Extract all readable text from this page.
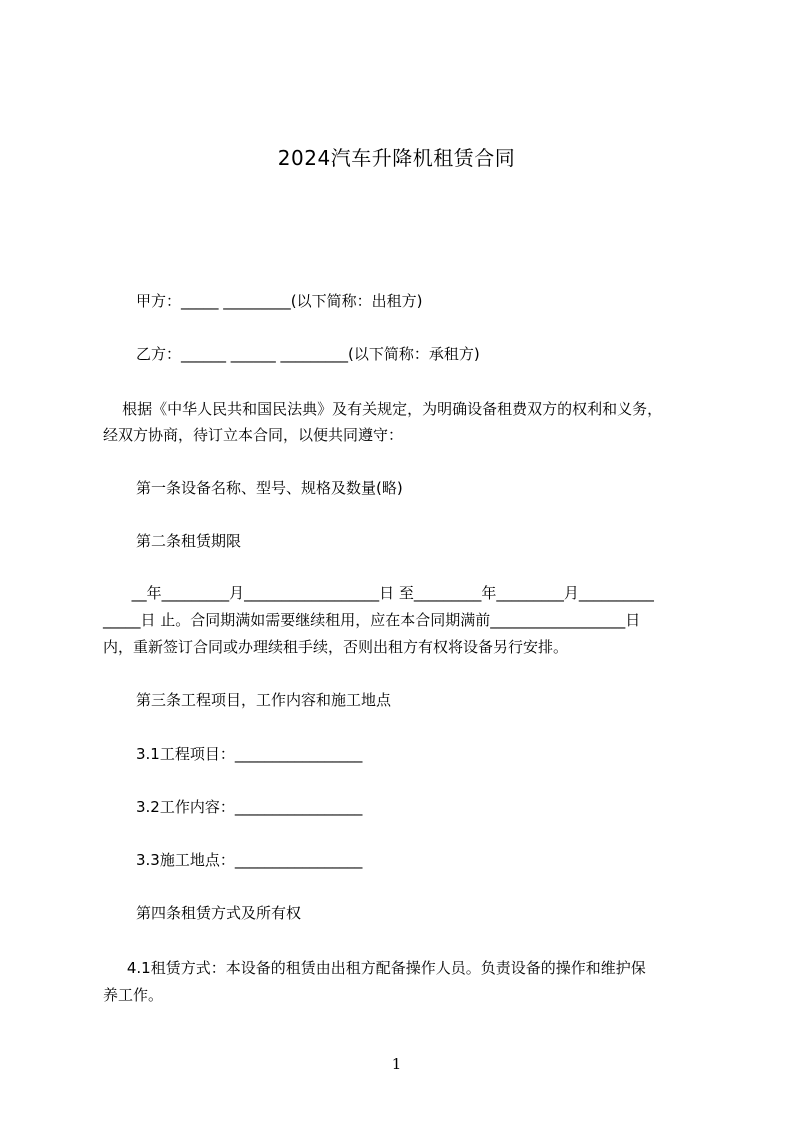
2024汽车升降机租赁合同
甲方：_____ _________(以下简称：出租方)
乙方：______ ______ _________(以下简称：承租方)
根据《中华人民共和国民法典》及有关规定，为明确设备租费双方的权利和义务，
经双方协商，待订立本合同，以便共同遵守：
第一条设备名称、型号、规格及数量(略)
第二条租赁期限
__年_________月__________________日 至_________年_________月__________
_____日 止。合同期满如需要继续租用，应在本合同期满前__________________日
内，重新签订合同或办理续租手续，否则出租方有权将设备另行安排。
第三条工程项目，工作内容和施工地点
3.1工程项目：_________________
3.2工作内容：_________________
3.3施工地点：_________________
第四条租赁方式及所有权
4.1租赁方式：本设备的租赁由出租方配备操作人员。负责设备的操作和维护保
养工作。
1
